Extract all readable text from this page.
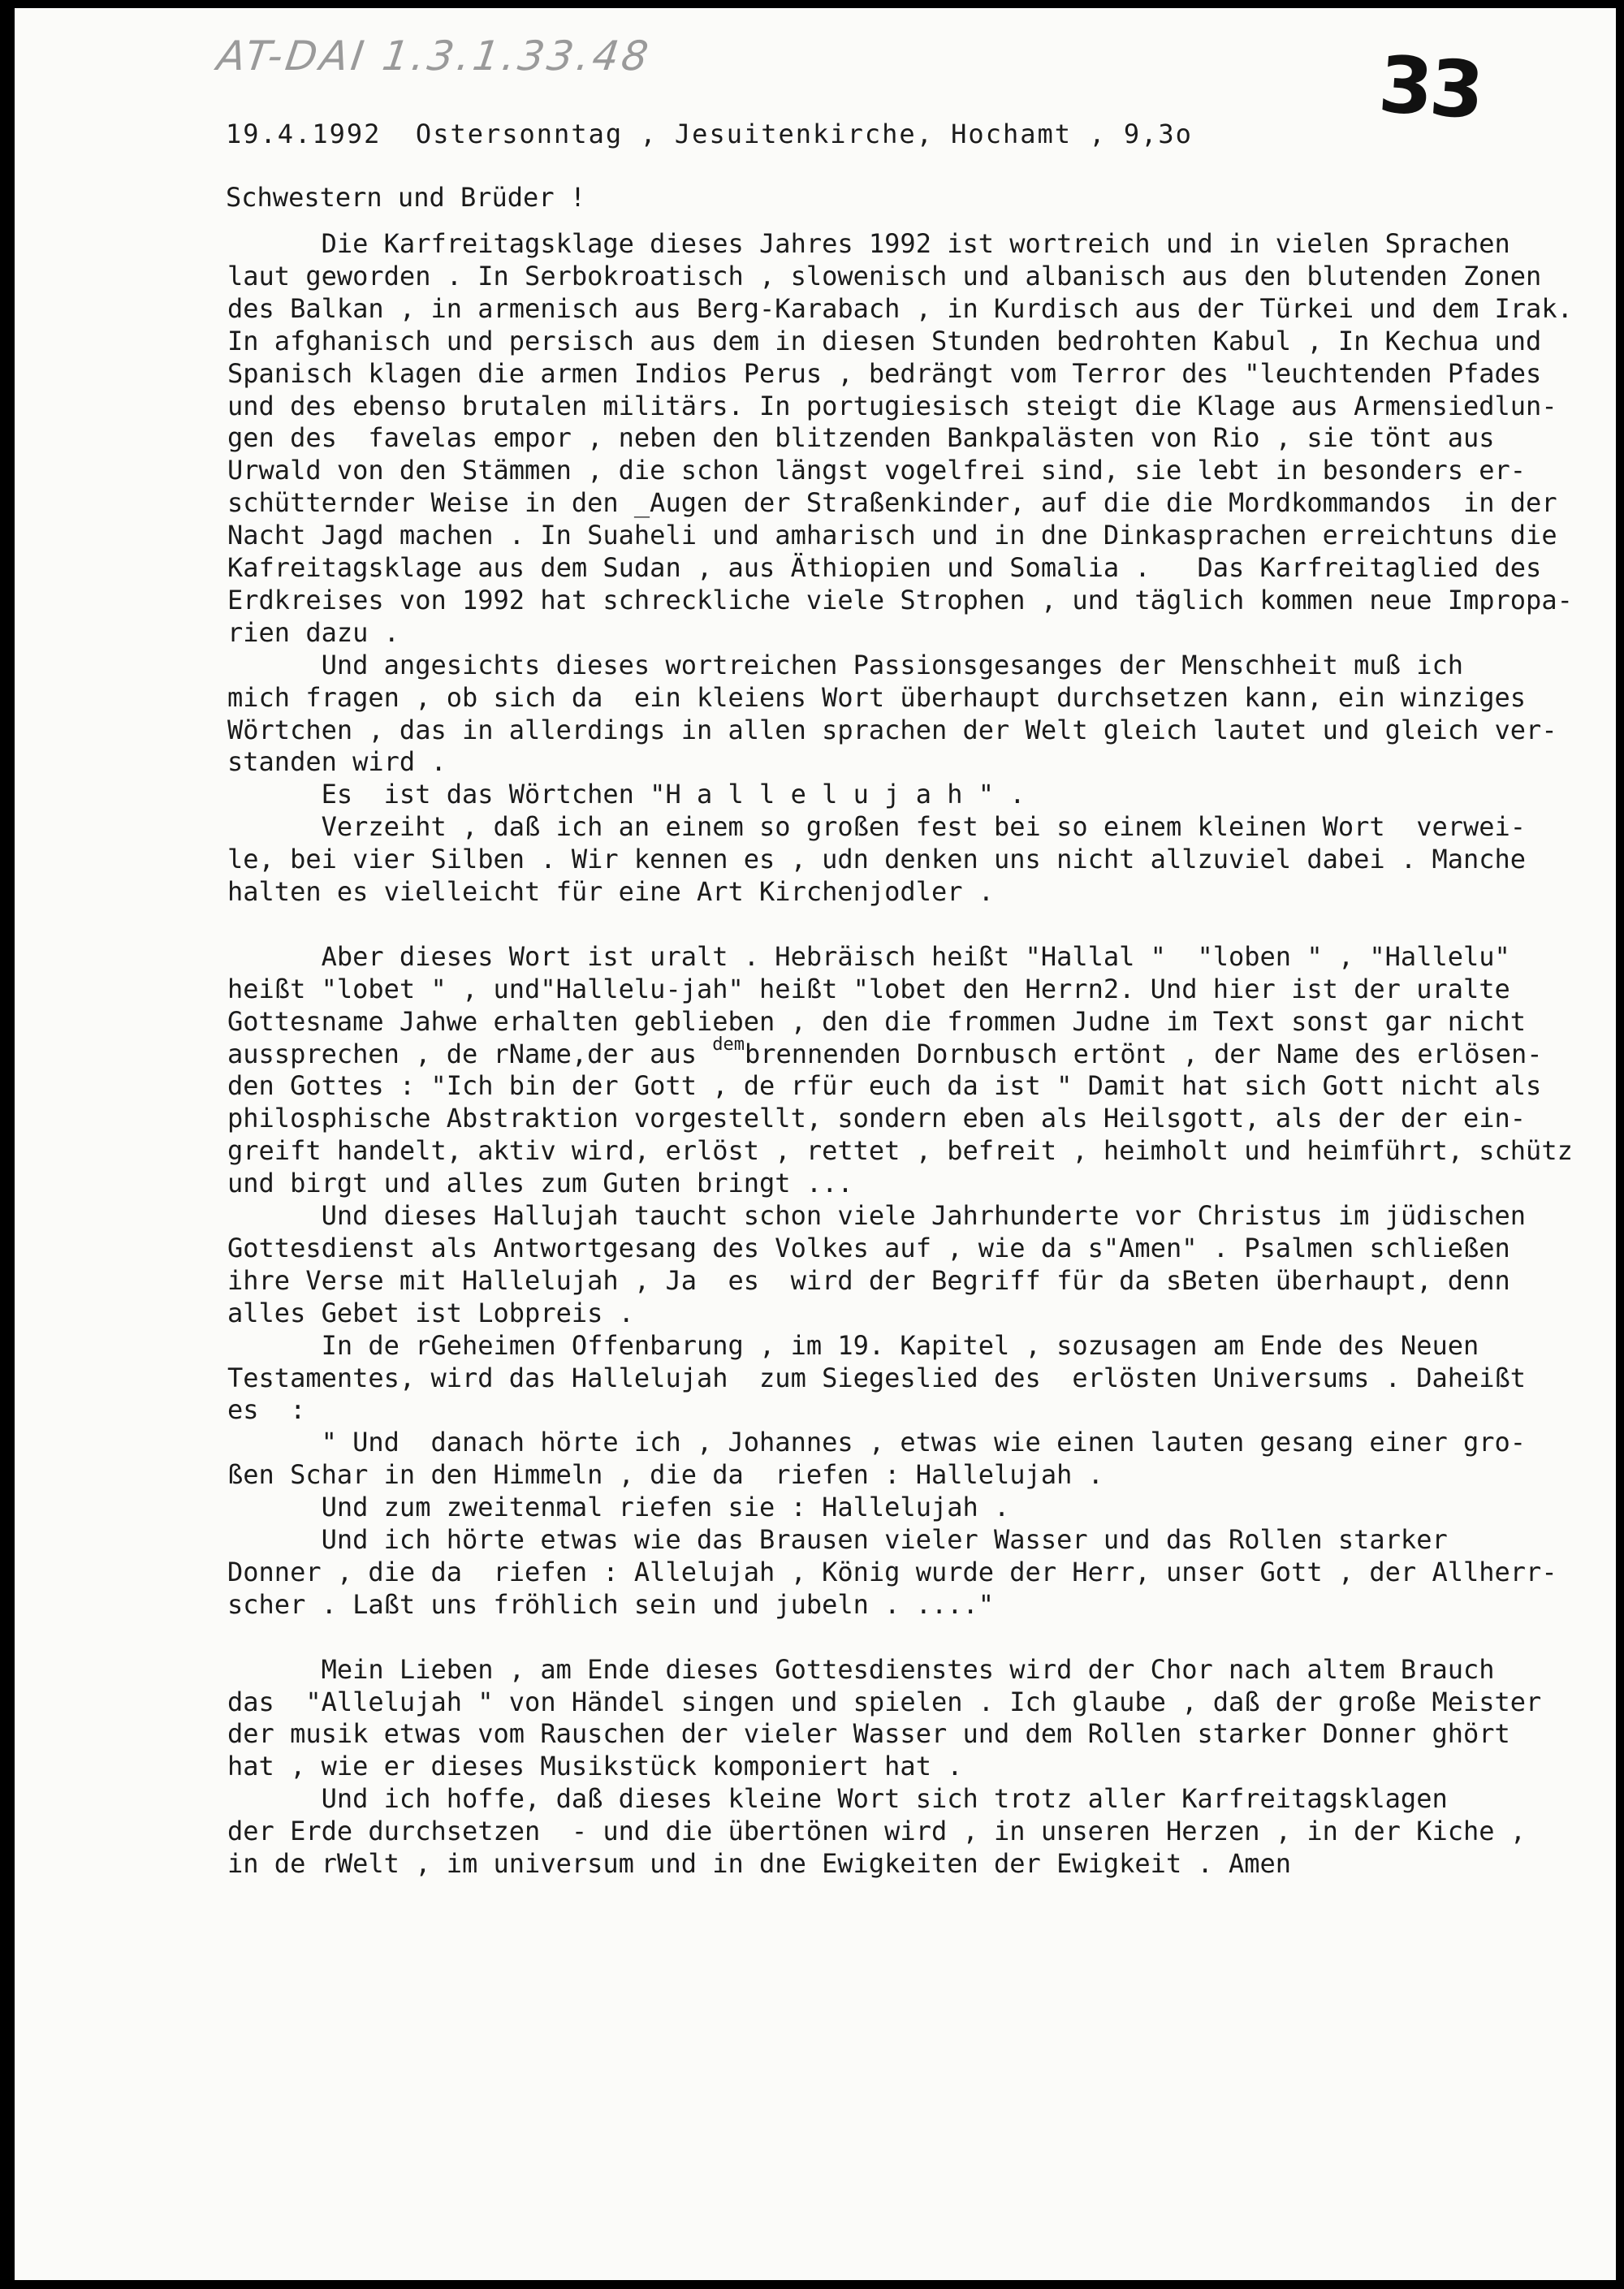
AT-DAI 1.3.1.33.48	33
19.4.1992  Ostersonntag , Jesuitenkirche, Hochamt , 9,3o
Schwestern und Brüder !
Die Karfreitagsklage dieses Jahres 1992 ist wortreich und in vielen Sprachen
laut geworden . In Serbokroatisch , slowenisch und albanisch aus den blutenden Zonen
des Balkan , in armenisch aus Berg-Karabach , in Kurdisch aus der Türkei und dem Irak.
In afghanisch und persisch aus dem in diesen Stunden bedrohten Kabul , In Kechua und
Spanisch klagen die armen Indios Perus , bedrängt vom Terror des "leuchtenden Pfades
und des ebenso brutalen militärs. In portugiesisch steigt die Klage aus Armensiedlun-
gen des  favelas empor , neben den blitzenden Bankpalästen von Rio , sie tönt aus
Urwald von den Stämmen , die schon längst vogelfrei sind, sie lebt in besonders er-
schütternder Weise in den _Augen der Straßenkinder, auf die die Mordkommandos  in der
Nacht Jagd machen . In Suaheli und amharisch und in dne Dinkasprachen erreichtuns die
Kafreitagsklage aus dem Sudan , aus Äthiopien und Somalia .   Das Karfreitaglied des
Erdkreises von 1992 hat schreckliche viele Strophen , und täglich kommen neue Impropa-
rien dazu .
Und angesichts dieses wortreichen Passionsgesanges der Menschheit muß ich
mich fragen , ob sich da  ein kleiens Wort überhaupt durchsetzen kann, ein winziges
Wörtchen , das in allerdings in allen sprachen der Welt gleich lautet und gleich ver-
standen wird .
Es  ist das Wörtchen "H a l l e l u j a h " .
Verzeiht , daß ich an einem so großen fest bei so einem kleinen Wort  verwei-
le, bei vier Silben . Wir kennen es , udn denken uns nicht allzuviel dabei . Manche
halten es vielleicht für eine Art Kirchenjodler .
Aber dieses Wort ist uralt . Hebräisch heißt "Hallal "  "loben " , "Hallelu"
heißt "lobet " , und"Hallelu-jah" heißt "lobet den Herrn2. Und hier ist der uralte
Gottesname Jahwe erhalten geblieben , den die frommen Judne im Text sonst gar nicht
aussprechen , de rName,der aus $^{dem}$brennenden Dornbusch ertönt , der Name des erlösen-
den Gottes : "Ich bin der Gott , de rfür euch da ist " Damit hat sich Gott nicht als
philosphische Abstraktion vorgestellt, sondern eben als Heilsgott, als der der ein-
greift handelt, aktiv wird, erlöst , rettet , befreit , heimholt und heimführt, schütz
und birgt und alles zum Guten bringt ...
Und dieses Hallujah taucht schon viele Jahrhunderte vor Christus im jüdischen
Gottesdienst als Antwortgesang des Volkes auf , wie da s"Amen" . Psalmen schließen
ihre Verse mit Hallelujah , Ja  es  wird der Begriff für da sBeten überhaupt, denn
alles Gebet ist Lobpreis .
In de rGeheimen Offenbarung , im 19. Kapitel , sozusagen am Ende des Neuen
Testamentes, wird das Hallelujah  zum Siegeslied des  erlösten Universums . Daheißt
es  :
" Und  danach hörte ich , Johannes , etwas wie einen lauten gesang einer gro-
ßen Schar in den Himmeln , die da  riefen : Hallelujah .
Und zum zweitenmal riefen sie : Hallelujah .
Und ich hörte etwas wie das Brausen vieler Wasser und das Rollen starker
Donner , die da  riefen : Allelujah , König wurde der Herr, unser Gott , der Allherr-
scher . Laßt uns fröhlich sein und jubeln . ...."
Mein Lieben , am Ende dieses Gottesdienstes wird der Chor nach altem Brauch
das  "Allelujah " von Händel singen und spielen . Ich glaube , daß der große Meister
der musik etwas vom Rauschen der vieler Wasser und dem Rollen starker Donner ghört
hat , wie er dieses Musikstück komponiert hat .
Und ich hoffe, daß dieses kleine Wort sich trotz aller Karfreitagsklagen
der Erde durchsetzen  - und die übertönen wird , in unseren Herzen , in der Kiche ,
in de rWelt , im universum und in dne Ewigkeiten der Ewigkeit . Amen
